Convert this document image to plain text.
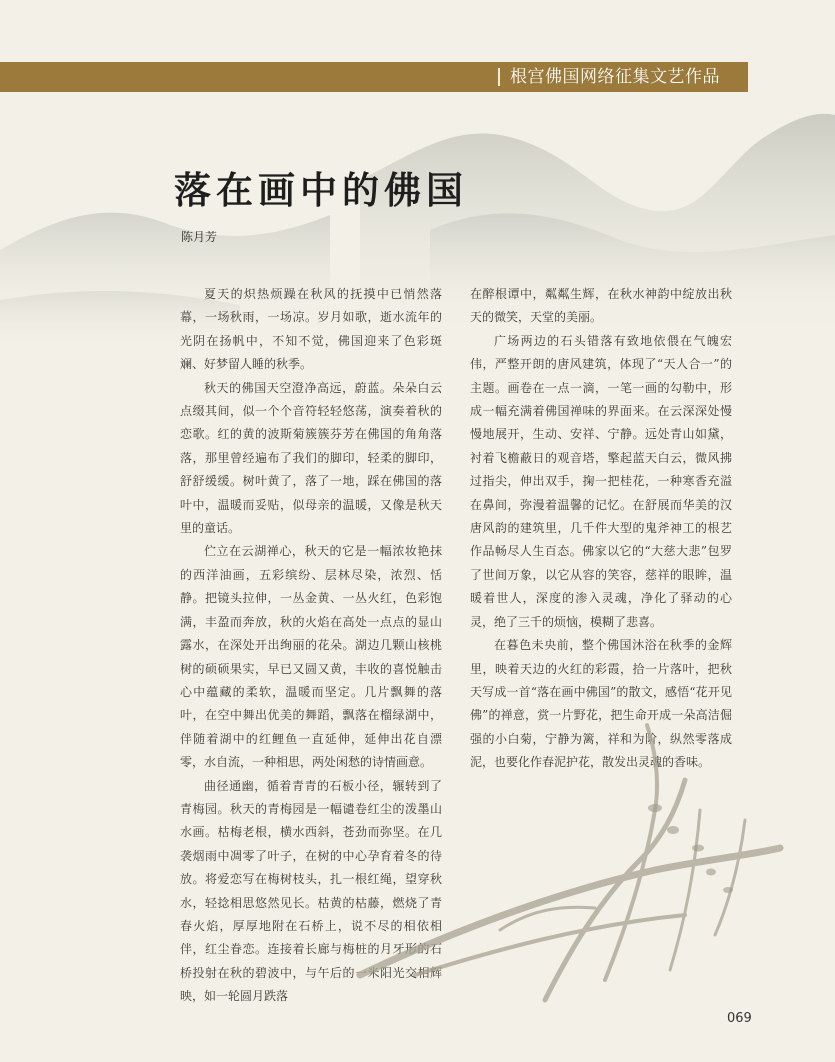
根宫佛国网络征集文艺作品
落在画中的佛国
陈月芳

夏天的炽热烦躁在秋风的抚摸中已悄然落幕，一场秋雨，一场凉。岁月如歌，逝水流年的光阴在扬帆中，不知不觉，佛国迎来了色彩斑斓、好梦留人睡的秋季。

秋天的佛国天空澄净高远，蔚蓝。朵朵白云点缀其间，似一个个音符轻轻悠荡，演奏着秋的恋歌。红的黄的波斯菊簇簇芬芳在佛国的角角落落，那里曾经遍布了我们的脚印，轻柔的脚印，舒舒缓缓。树叶黄了，落了一地，踩在佛国的落叶中，温暖而妥贴，似母亲的温暖，又像是秋天里的童话。

伫立在云湖禅心，秋天的它是一幅浓妆艳抹的西洋油画，五彩缤纷、层林尽染，浓烈、恬静。把镜头拉伸，一丛金黄、一丛火红，色彩饱满，丰盈而奔放，秋的火焰在高处一点点的显山露水，在深处开出绚丽的花朵。湖边几颗山核桃树的硕硕果实，早已又圆又黄，丰收的喜悦触击心中蕴藏的柔软，温暖而坚定。几片飘舞的落叶，在空中舞出优美的舞蹈，飘落在榴绿湖中，伴随着湖中的红鲤鱼一直延伸，延伸出花自漂零，水自流，一种相思，两处闲愁的诗情画意。

曲径通幽，循着青青的石板小径，辗转到了青梅园。秋天的青梅园是一幅谴卷红尘的泼墨山水画。枯梅老根，横水西斜，苍劲而弥坚。在几袭烟雨中凋零了叶子，在树的中心孕育着冬的待放。将爱恋写在梅树枝头，扎一根红绳，望穿秋水，轻捻相思悠然见长。枯黄的枯藤，燃烧了青春火焰，厚厚地附在石桥上，说不尽的相依相伴，红尘眷恋。连接着长廊与梅桩的月牙形的石桥投射在秋的碧波中，与午后的一米阳光交相辉映，如一轮圆月跌落

在醉根谭中，粼粼生辉，在秋水神韵中绽放出秋天的微笑，天堂的美丽。

广场两边的石头错落有致地依偎在气魄宏伟，严整开朗的唐风建筑，体现了“天人合一”的主题。画卷在一点一滴，一笔一画的勾勒中，形成一幅充满着佛国禅味的界面来。在云深深处慢慢地展开，生动、安祥、宁静。远处青山如黛，衬着飞檐蔽日的观音塔，擎起蓝天白云，微风拂过指尖，伸出双手，掬一把桂花，一种寒香充溢在鼻间，弥漫着温馨的记忆。在舒展而华美的汉唐风韵的建筑里，几千件大型的鬼斧神工的根艺作品畅尽人生百态。佛家以它的“大慈大悲”包罗了世间万象，以它从容的笑容，慈祥的眼眸，温暖着世人，深度的渗入灵魂，净化了驿动的心灵，绝了三千的烦恼，模糊了悲喜。

在暮色未央前，整个佛国沐浴在秋季的金辉里，映着天边的火红的彩霞，拾一片落叶，把秋天写成一首“落在画中佛国”的散文，感悟“花开见佛”的禅意，赏一片野花，把生命开成一朵高洁倔强的小白菊，宁静为篱，祥和为阶，纵然零落成泥，也要化作春泥护花，散发出灵魂的香味。

069
